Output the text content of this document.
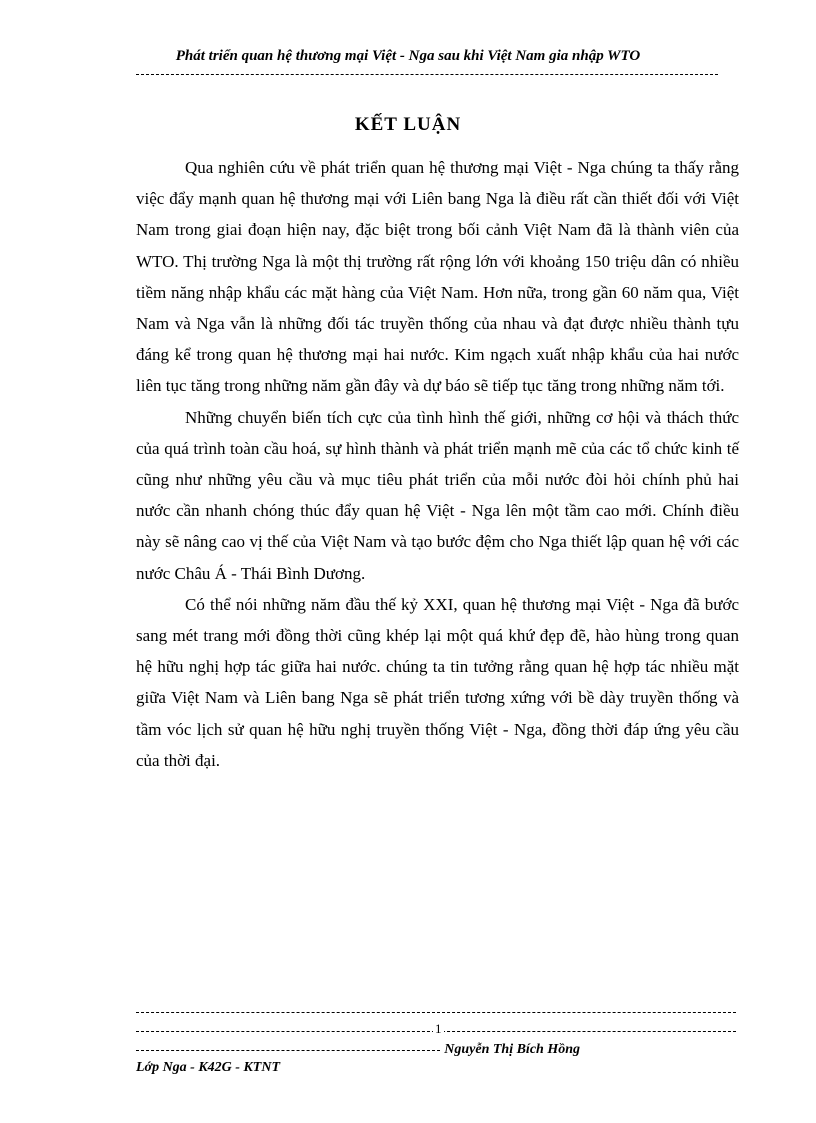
Phát triển quan hệ thương mại Việt - Nga sau khi Việt Nam gia nhập WTO
KẾT LUẬN

Qua nghiên cứu về phát triển quan hệ thương mại Việt - Nga chúng ta thấy rằng việc đẩy mạnh quan hệ thương mại với Liên bang Nga là điều rất cần thiết đối với Việt Nam trong giai đoạn hiện nay, đặc biệt trong bối cảnh Việt Nam đã là thành viên của WTO. Thị trường Nga là một thị trường rất rộng lớn với khoảng 150 triệu dân có nhiều tiềm năng nhập khẩu các mặt hàng của Việt Nam. Hơn nữa, trong gần 60 năm qua, Việt Nam và Nga vẫn là những đối tác truyền thống của nhau và đạt được nhiều thành tựu đáng kể trong quan hệ thương mại hai nước. Kim ngạch xuất nhập khẩu của hai nước liên tục tăng trong những năm gần đây và dự báo sẽ tiếp tục tăng trong những năm tới.

Những chuyển biến tích cực của tình hình thế giới, những cơ hội và thách thức của quá trình toàn cầu hoá, sự hình thành và phát triển mạnh mẽ của các tổ chức kinh tế cũng như những yêu cầu và mục tiêu phát triển của mỗi nước đòi hỏi chính phủ hai nước cần nhanh chóng thúc đẩy quan hệ Việt - Nga lên một tầm cao mới. Chính điều này sẽ nâng cao vị thế của Việt Nam và tạo bước đệm cho Nga thiết lập quan hệ với các nước Châu Á - Thái Bình Dương.

Có thể nói những năm đầu thế kỷ XXI, quan hệ thương mại Việt - Nga đã bước sang mét trang mới đồng thời cũng khép lại một quá khứ đẹp đẽ, hào hùng trong quan hệ hữu nghị hợp tác giữa hai nước. chúng ta tin tưởng rằng quan hệ hợp tác nhiều mặt giữa Việt Nam và Liên bang Nga sẽ phát triển tương xứng với bề dày truyền thống và tầm vóc lịch sử quan hệ hữu nghị truyền thống Việt - Nga, đồng thời đáp ứng yêu cầu của thời đại.

1
Nguyễn Thị Bích Hồng
Lớp Nga - K42G - KTNT
